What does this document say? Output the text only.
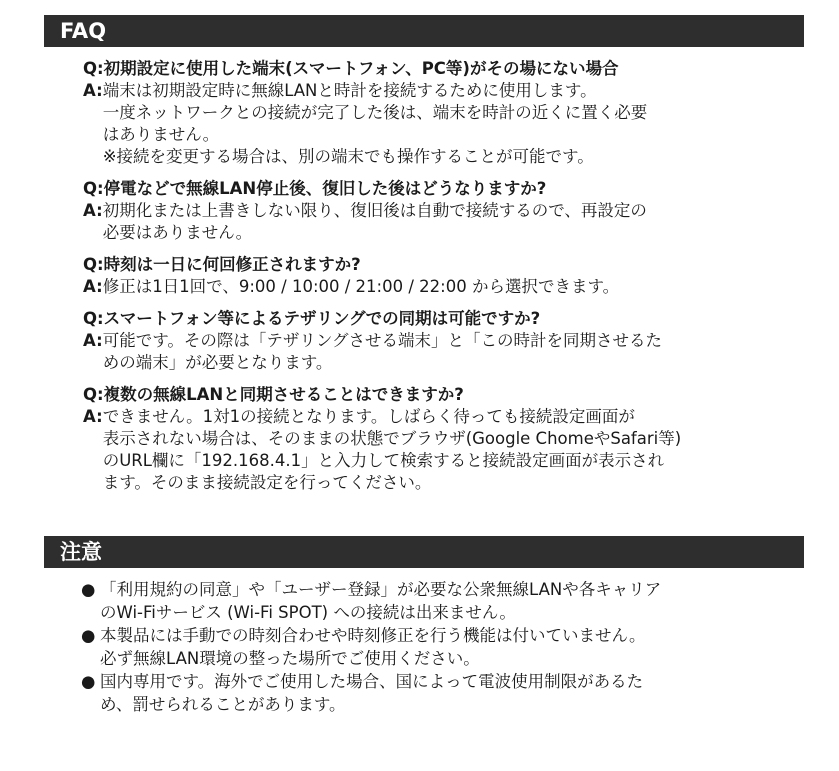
FAQ
Q:初期設定に使用した端末(スマートフォン、PC等)がその場にない場合
A: 端末は初期設定時に無線LANと時計を接続するために使用します。
一度ネットワークとの接続が完了した後は、端末を時計の近くに置く必要
はありません。
※接続を変更する場合は、別の端末でも操作することが可能です。
Q:停電などで無線LAN停止後、復旧した後はどうなりますか?
A: 初期化または上書きしない限り、復旧後は自動で接続するので、再設定の
必要はありません。
Q:時刻は一日に何回修正されますか?
A: 修正は1日1回で、9:00 / 10:00 / 21:00 / 22:00 から選択できます。
Q:スマートフォン等によるテザリングでの同期は可能ですか?
A: 可能です。その際は「テザリングさせる端末」と「この時計を同期させるた
めの端末」が必要となります。
Q:複数の無線LANと同期させることはできますか?
A: できません。1対1の接続となります。しばらく待っても接続設定画面が
表示されない場合は、そのままの状態でブラウザ(Google ChomeやSafari等)
のURL欄に「192.168.4.1」と入力して検索すると接続設定画面が表示され
ます。そのまま接続設定を行ってください。
注意
● 「利用規約の同意」や「ユーザー登録」が必要な公衆無線LANや各キャリア
のWi-Fiサービス (Wi-Fi SPOT) への接続は出来ません。
● 本製品には手動での時刻合わせや時刻修正を行う機能は付いていません。
必ず無線LAN環境の整った場所でご使用ください。
● 国内専用です。海外でご使用した場合、国によって電波使用制限があるた
め、罰せられることがあります。
